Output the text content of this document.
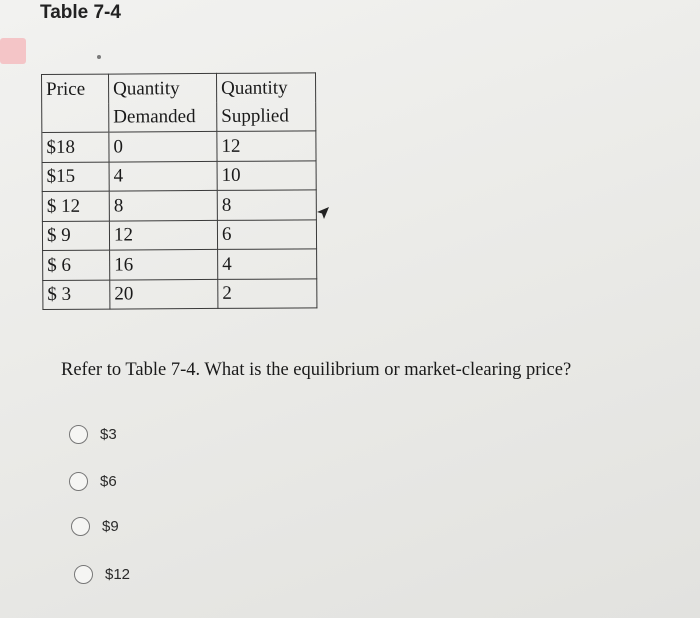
Table 7-4
Price	Quantity	Quantity
	Demanded	Supplied
$18	0	12
$15	4	10
$ 12	8	8
$ 9	12	6
$ 6	16	4
$ 3	20	2
Refer to Table 7-4. What is the equilibrium or market-clearing price?
$3
$6
$9
$12
